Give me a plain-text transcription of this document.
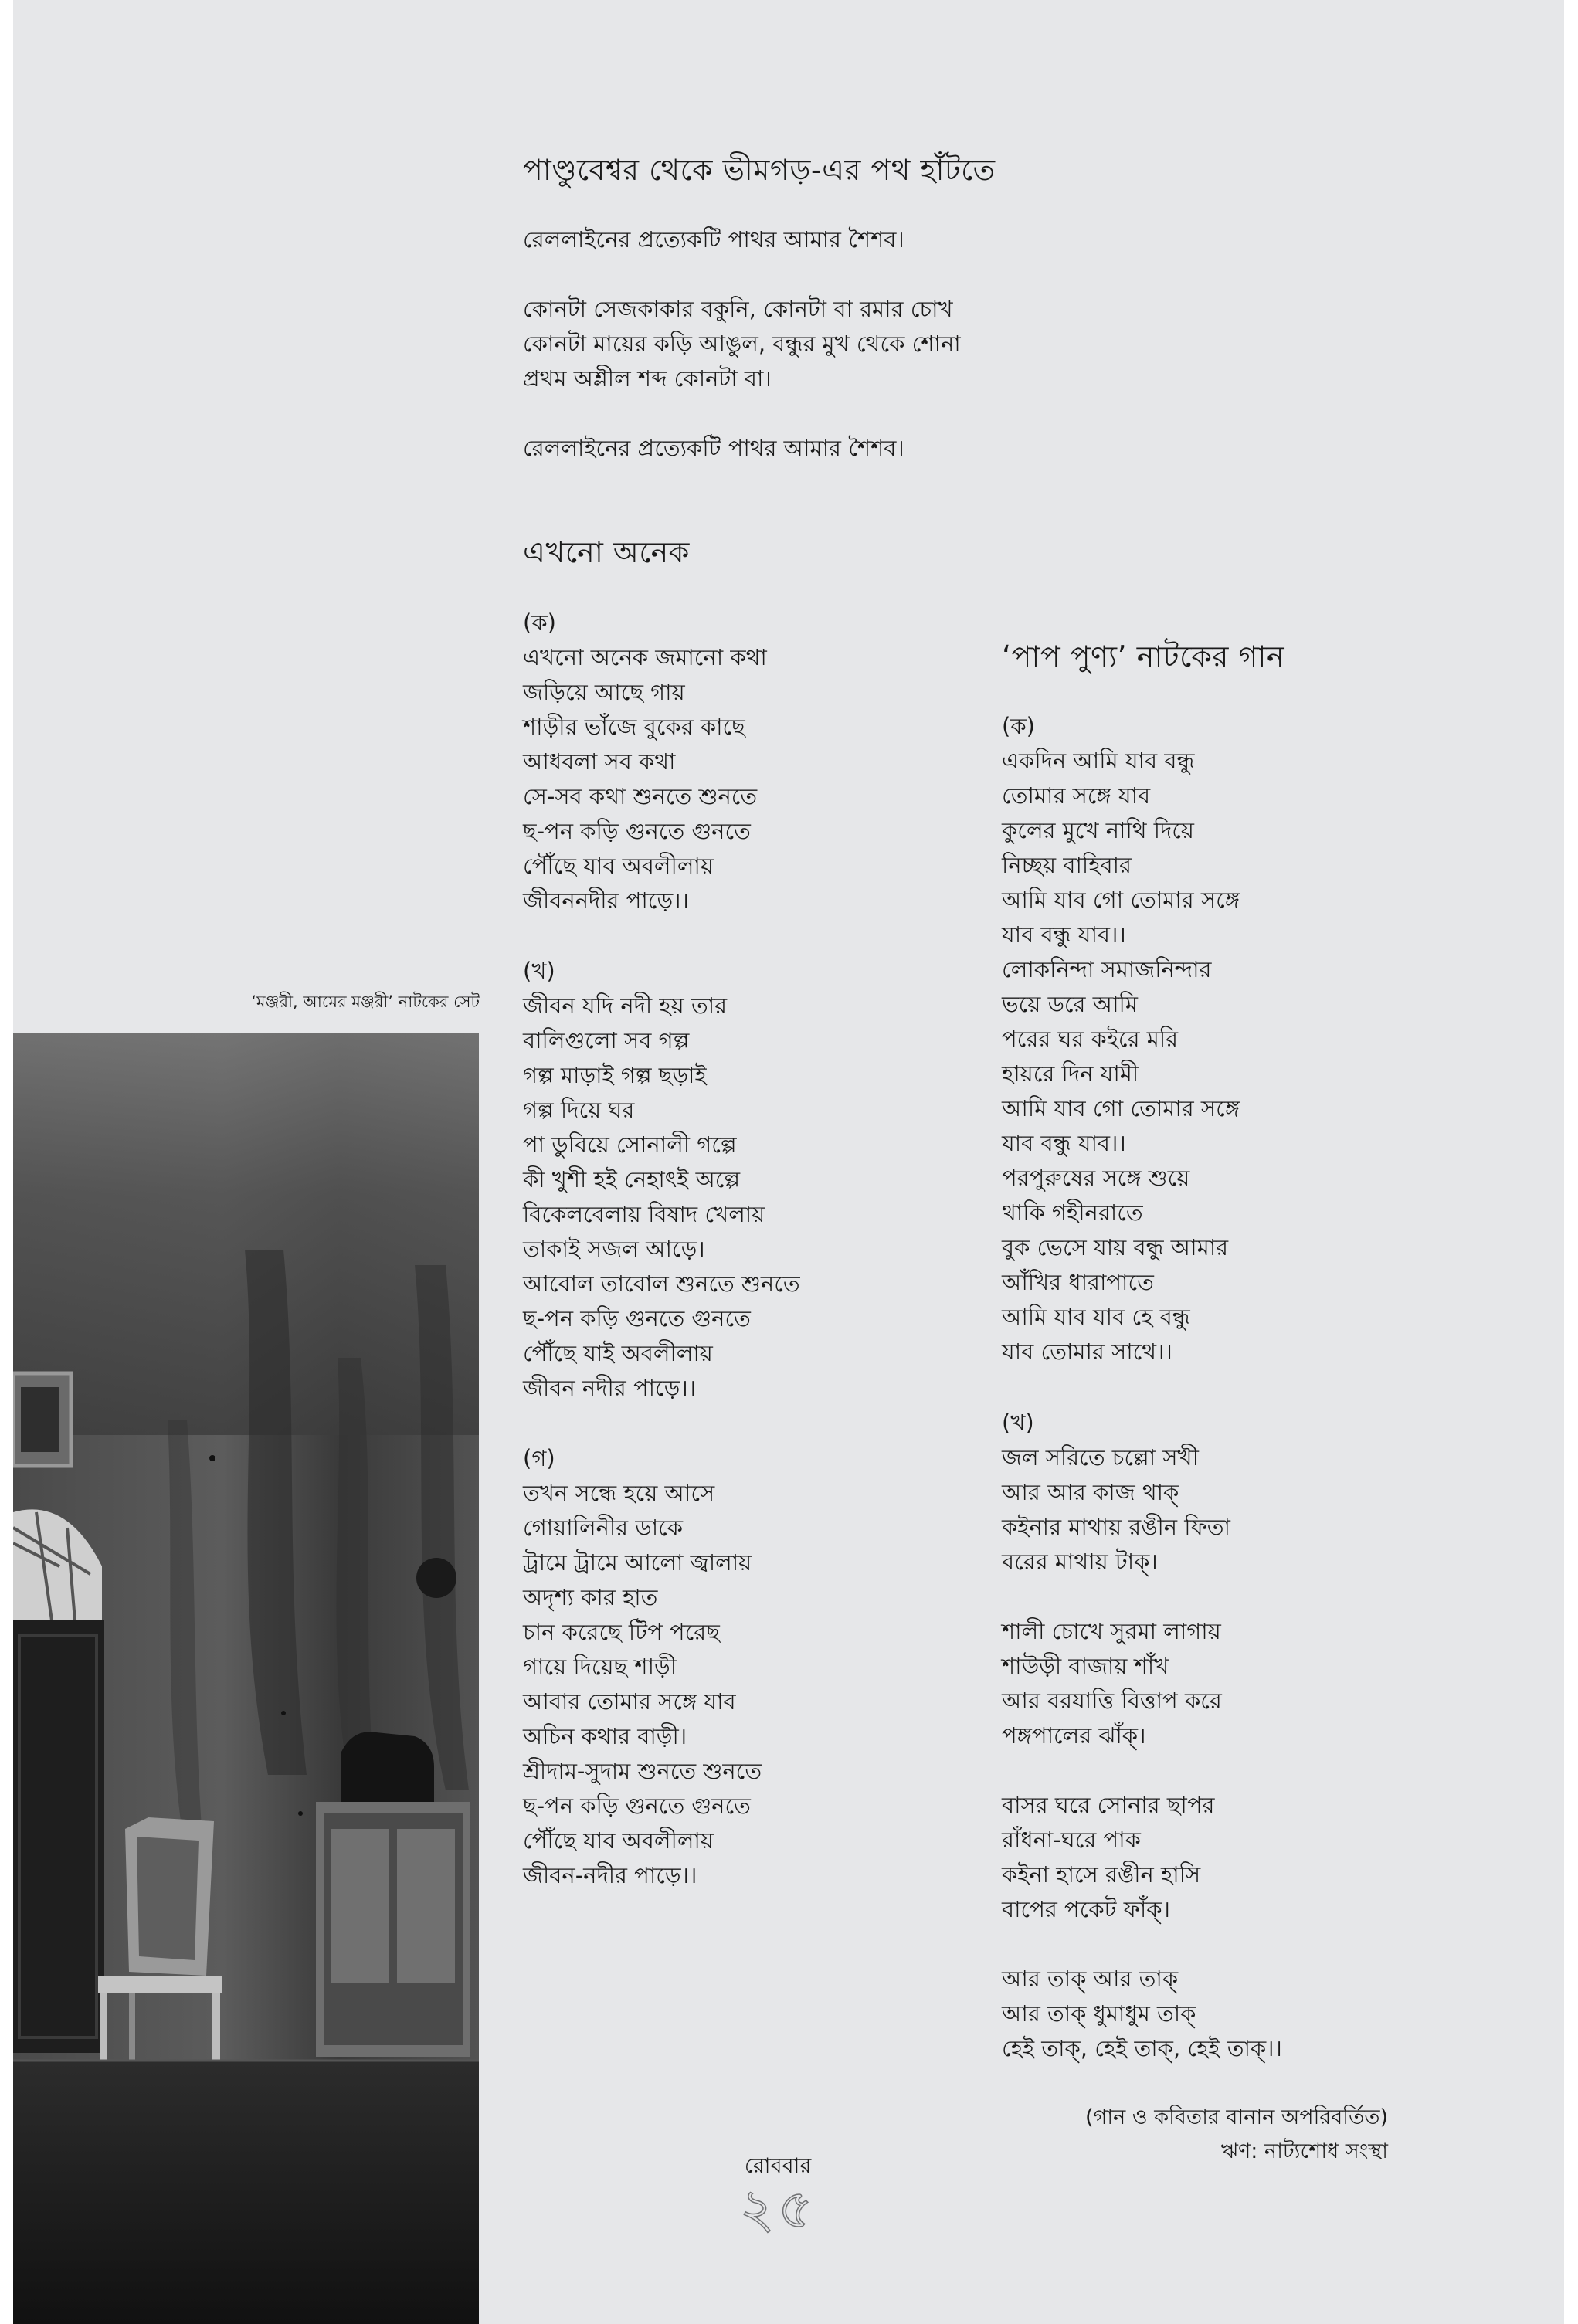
পাণ্ডুবেশ্বর থেকে ভীমগড়-এর পথ হাঁটতে
রেললাইনের প্রত্যেকটি পাথর আমার শৈশব।
কোনটা সেজকাকার বকুনি, কোনটা বা রমার চোখ
কোনটা মায়ের কড়ি আঙুল, বন্ধুর মুখ থেকে শোনা
প্রথম অশ্লীল শব্দ কোনটা বা।
রেললাইনের প্রত্যেকটি পাথর আমার শৈশব।
এখনো অনেক
(ক)
এখনো অনেক জমানো কথা
জড়িয়ে আছে গায়
শাড়ীর ভাঁজে বুকের কাছে
আধবলা সব কথা
সে-সব কথা শুনতে শুনতে
ছ-পন কড়ি গুনতে গুনতে
পৌঁছে যাব অবলীলায়
জীবননদীর পাড়ে।।
(খ)
জীবন যদি নদী হয় তার
বালিগুলো সব গল্প
গল্প মাড়াই গল্প ছড়াই
গল্প দিয়ে ঘর
পা ডুবিয়ে সোনালী গল্পে
কী খুশী হই নেহাৎই অল্পে
বিকেলবেলায় বিষাদ খেলায়
তাকাই সজল আড়ে।
আবোল তাবোল শুনতে শুনতে
ছ-পন কড়ি গুনতে গুনতে
পৌঁছে যাই অবলীলায়
জীবন নদীর পাড়ে।।
(গ)
তখন সন্ধে হয়ে আসে
গোয়ালিনীর ডাকে
ট্রামে ট্রামে আলো জ্বালায়
অদৃশ্য কার হাত
চান করেছে টিপ পরেছ
গায়ে দিয়েছ শাড়ী
আবার তোমার সঙ্গে যাব
অচিন কথার বাড়ী।
শ্রীদাম-সুদাম শুনতে শুনতে
ছ-পন কড়ি গুনতে গুনতে
পৌঁছে যাব অবলীলায়
জীবন-নদীর পাড়ে।।
‘পাপ পুণ্য’ নাটকের গান
(ক)
একদিন আমি যাব বন্ধু
তোমার সঙ্গে যাব
কুলের মুখে নাথি দিয়ে
নিচ্ছয় বাহিবার
আমি যাব গো তোমার সঙ্গে
যাব বন্ধু যাব।।
লোকনিন্দা সমাজনিন্দার
ভয়ে ডরে আমি
পরের ঘর কইরে মরি
হায়রে দিন যামী
আমি যাব গো তোমার সঙ্গে
যাব বন্ধু যাব।।
পরপুরুষের সঙ্গে শুয়ে
থাকি গহীনরাতে
বুক ভেসে যায় বন্ধু আমার
আঁখির ধারাপাতে
আমি যাব যাব হে বন্ধু
যাব তোমার সাথে।।
(খ)
জল সরিতে চল্লো সখী
আর আর কাজ থাক্
কইনার মাথায় রঙীন ফিতা
বরের মাথায় টাক্।
শালী চোখে সুরমা লাগায়
শাউড়ী বাজায় শাঁখ
আর বরযাত্তি বিত্তাপ করে
পঙ্গপালের ঝাঁক্।
বাসর ঘরে সোনার ছাপর
রাঁধনা-ঘরে পাক
কইনা হাসে রঙীন হাসি
বাপের পকেট ফাঁক্।
আর তাক্ আর তাক্
আর তাক্ ধুমাধুম তাক্
হেই তাক্, হেই তাক্, হেই তাক্।।
(গান ও কবিতার বানান অপরিবর্তিত)
ঋণ: নাট্যশোধ সংস্থা
‘মঞ্জরী, আমের মঞ্জরী’ নাটকের সেট
রোববার
২৫
